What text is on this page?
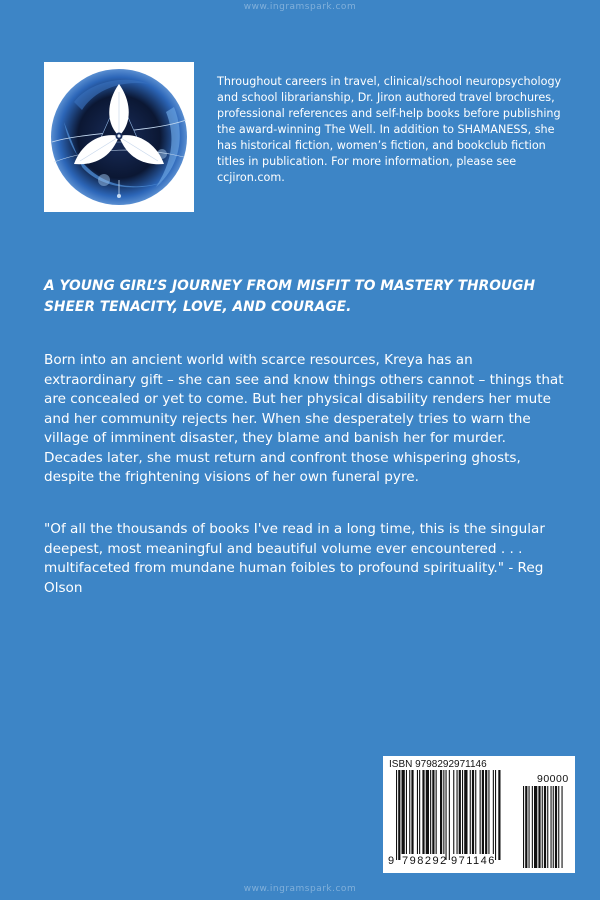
www.ingramspark.com
Throughout careers in travel, clinical/school neuropsychology and school librarianship, Dr. Jiron authored travel brochures, professional references and self-help books before publishing the award-winning The Well. In addition to SHAMANESS, she has historical fiction, women’s fiction, and bookclub fiction titles in publication. For more information, please see ccjiron.com.
A YOUNG GIRL’S JOURNEY FROM MISFIT TO MASTERY THROUGH SHEER TENACITY, LOVE, AND COURAGE.
Born into an ancient world with scarce resources, Kreya has an extraordinary gift – she can see and know things others cannot – things that are concealed or yet to come. But her physical disability renders her mute and her community rejects her. When she desperately tries to warn the village of imminent disaster, they blame and banish her for murder. Decades later, she must return and confront those whispering ghosts, despite the frightening visions of her own funeral pyre.
"Of all the thousands of books I've read in a long time, this is the singular deepest, most meaningful and beautiful volume ever encountered . . . multifaceted from mundane human foibles to profound spirituality." - Reg Olson
ISBN 9798292971146
90000
9 798292 971146
www.ingramspark.com
